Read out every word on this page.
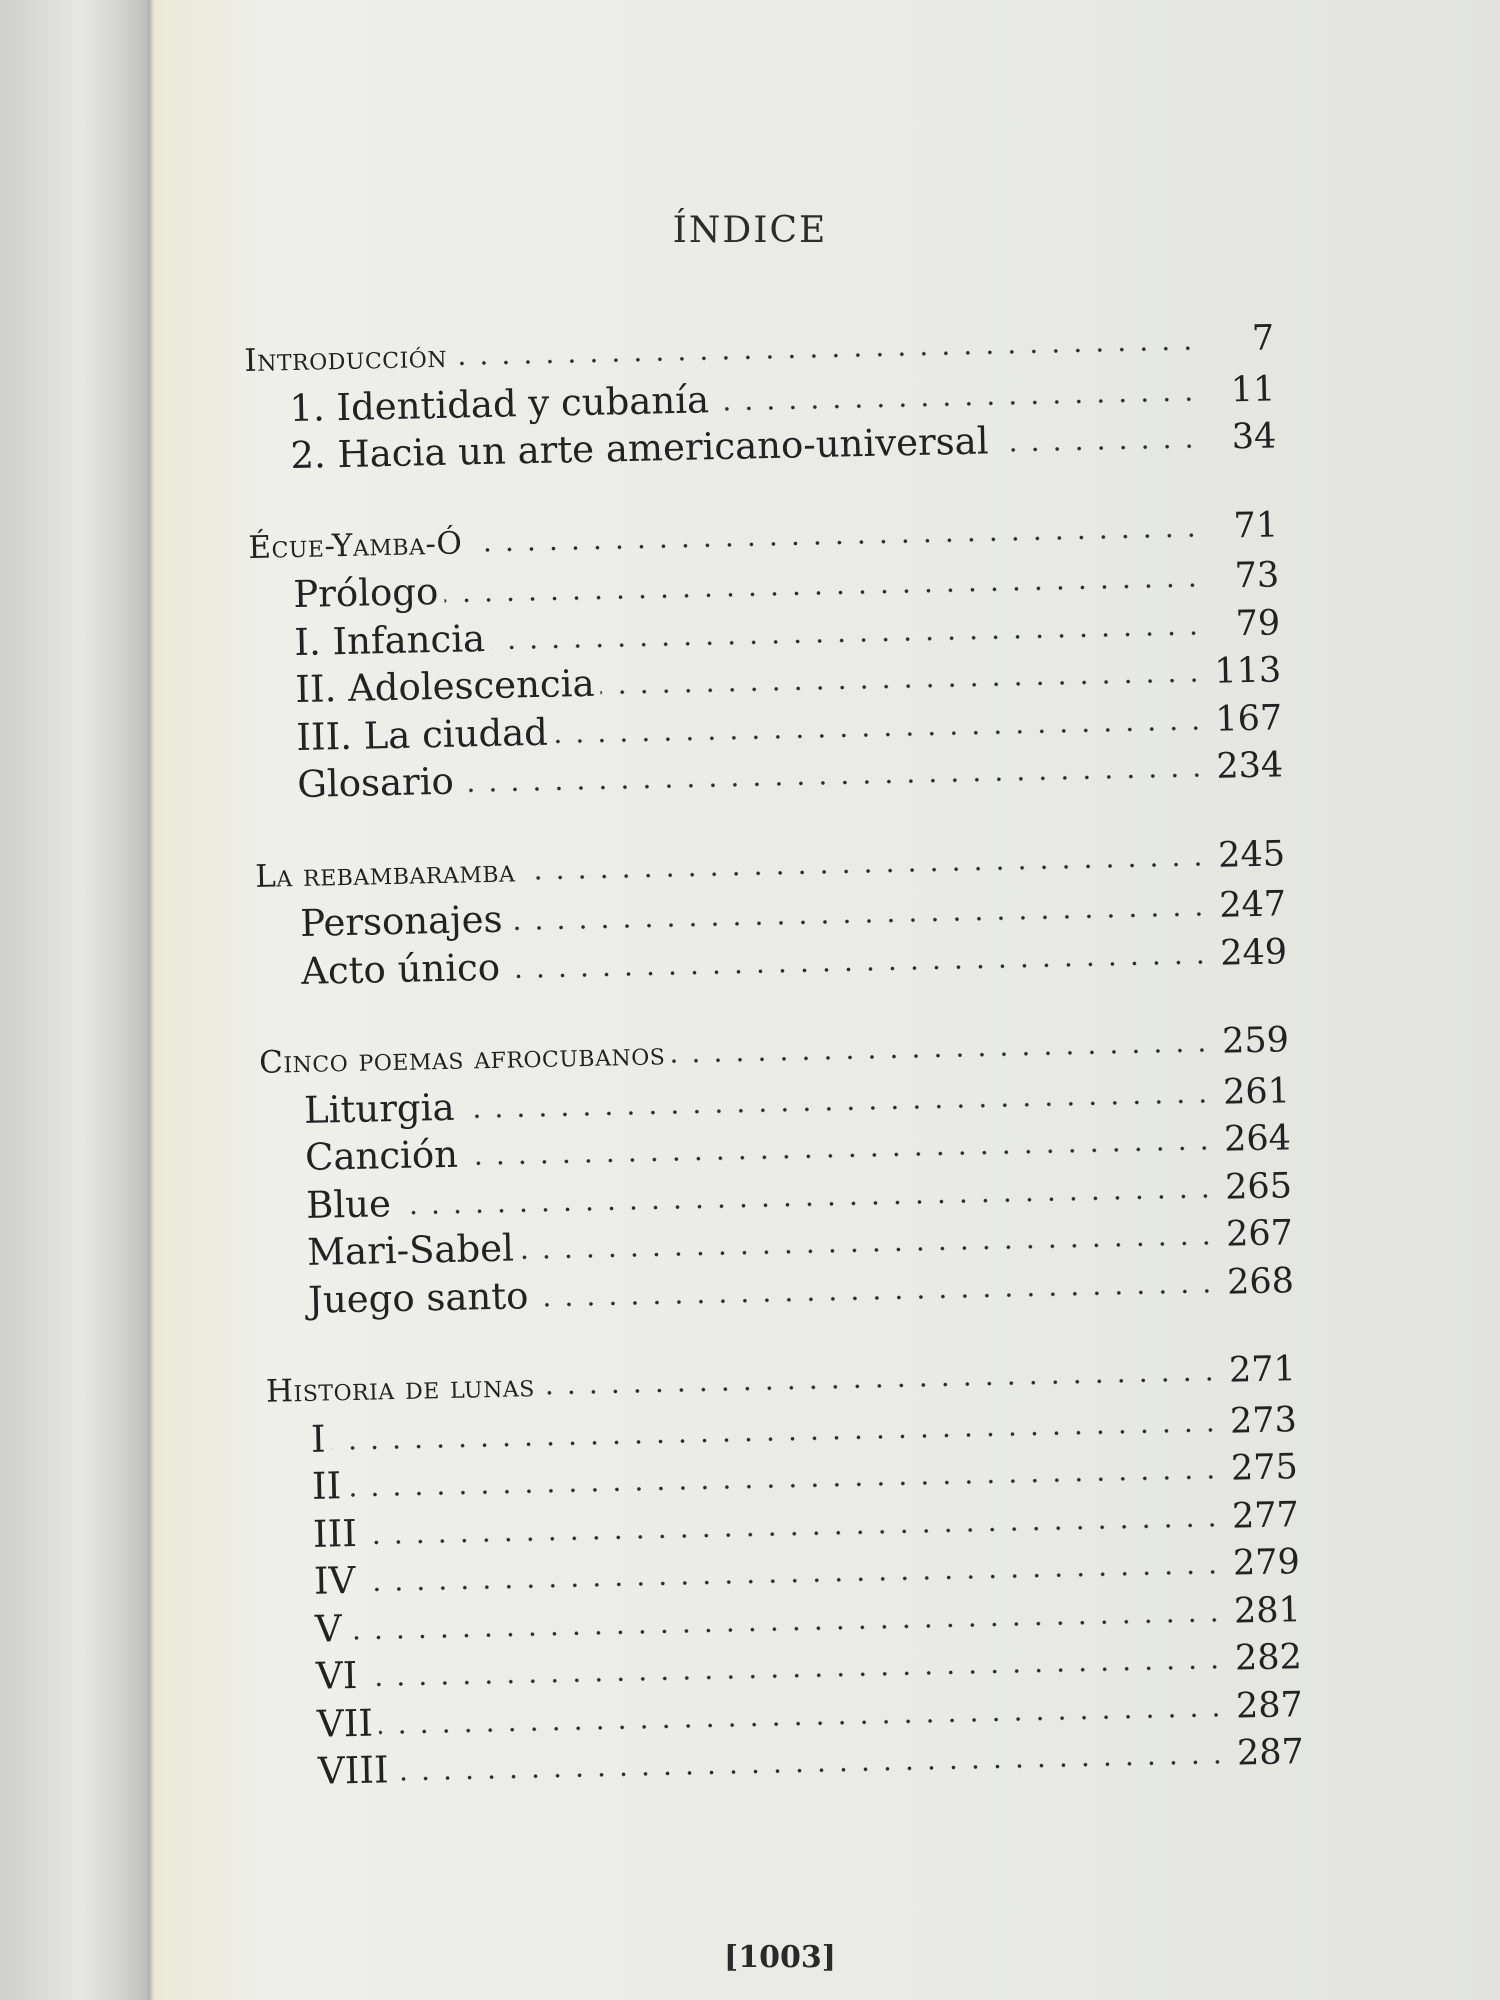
ÍNDICE
Introducción	7
1. Identidad y cubanía	11
2. Hacia un arte americano-universal	34
Écue-Yamba-Ó	71
Prólogo	73
I. Infancia	79
II. Adolescencia	113
III. La ciudad	167
Glosario	234
La rebambaramba	245
Personajes	247
Acto único	249
Cinco poemas afrocubanos	259
Liturgia	261
Canción	264
Blue	265
Mari-Sabel	267
Juego santo	268
Historia de lunas	271
I	273
II	275
III	277
IV	279
V	281
VI	282
VII	287
VIII	287
[1003]
